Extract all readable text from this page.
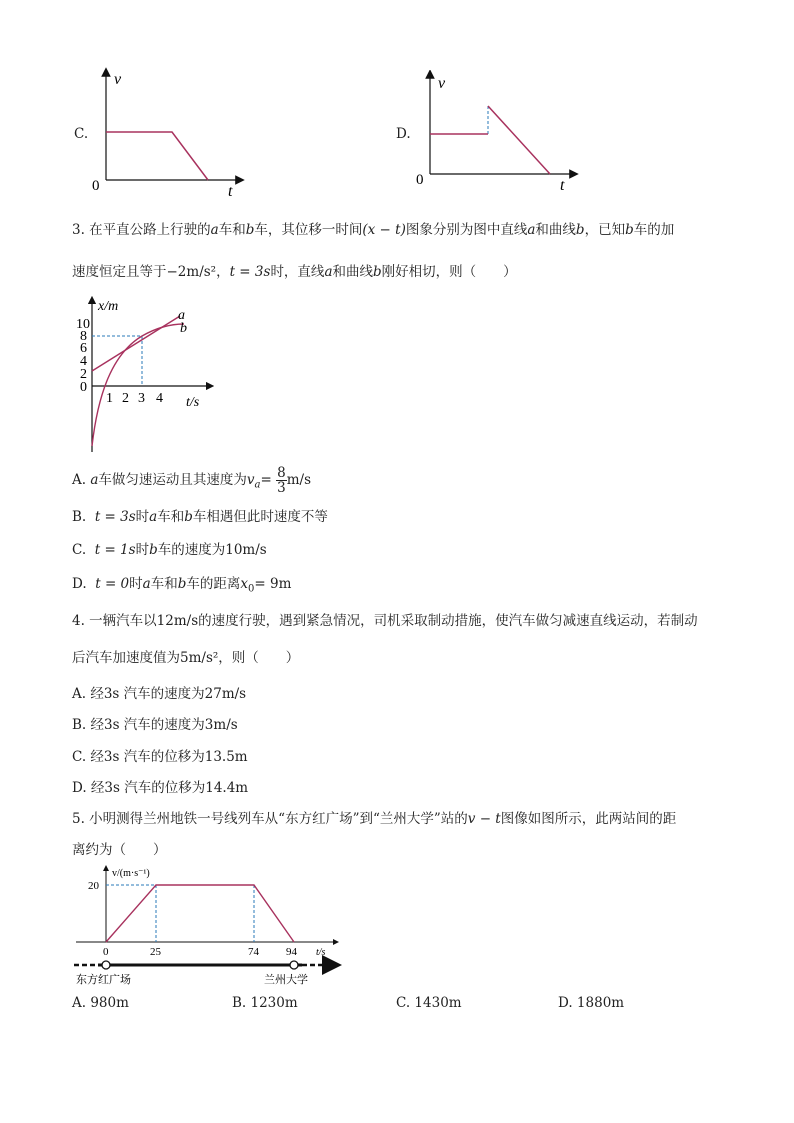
C.
v
t
0
D.
v
t
0
3. 在平直公路上行驶的a车和b车，其位移一时间(x − t)图象分别为图中直线a和曲线b，已知b车的加
速度恒定且等于−2m/s²，t = 3s时，直线a和曲线b刚好相切，则（　　）
x/m
t/s
a
b
10
8
6
4
2
0
1 2 3 4
A. a车做匀速运动且其速度为$v_a= \frac{8}{3} m/s$
B. t = 3s时a车和b车相遇但此时速度不等
C. t = 1s时b车的速度为10m/s
D. t = 0时a车和b车的距离$x_0= 9m$
4. 一辆汽车以12m/s的速度行驶，遇到紧急情况，司机采取制动措施，使汽车做匀减速直线运动，若制动
后汽车加速度值为5m/s²，则（　　）
A. 经3s 汽车的速度为27m/s
B. 经3s 汽车的速度为3m/s
C. 经3s 汽车的位移为13.5m
D. 经3s 汽车的位移为14.4m
5. 小明测得兰州地铁一号线列车从“东方红广场”到“兰州大学”站的v − t图像如图所示，此两站间的距
离约为（　　）
v/(m·s⁻¹)
20
0	25	74 94 t/s
东方红广场	兰州大学
A. 980m	B. 1230m	C. 1430m	D. 1880m
